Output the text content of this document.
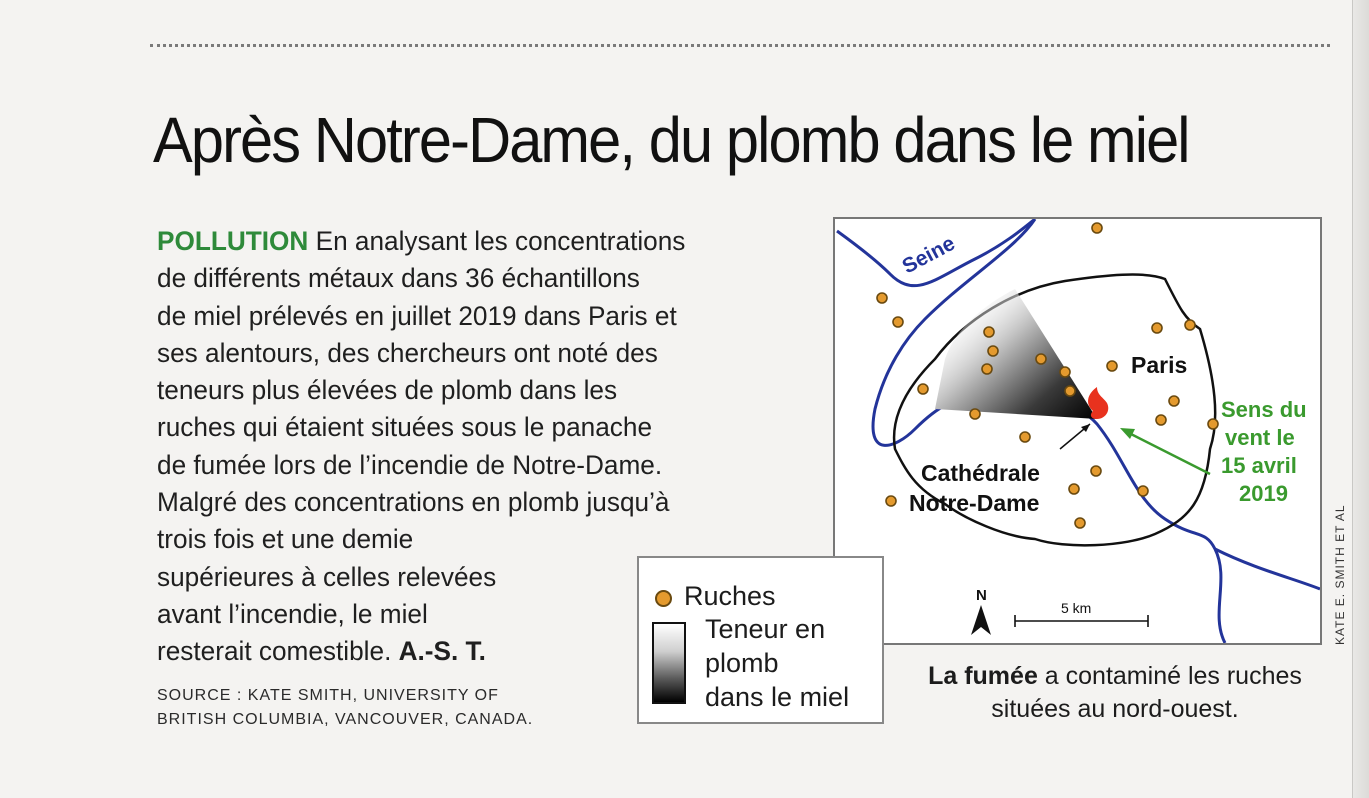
Après Notre-Dame, du plomb dans le miel
POLLUTION En analysant les concentrations
de différents métaux dans 36 échantillons
de miel prélevés en juillet 2019 dans Paris et
ses alentours, des chercheurs ont noté des
teneurs plus élevées de plomb dans les
ruches qui étaient situées sous le panache
de fumée lors de l’incendie de Notre-Dame.
Malgré des concentrations en plomb jusqu’à
trois fois et une demie
supérieures à celles relevées
avant l’incendie, le miel
resterait comestible. A.-S. T.
SOURCE : KATE SMITH, UNIVERSITY OF
BRITISH COLUMBIA, VANCOUVER, CANADA.
Seine
Paris
Cathédrale
Notre-Dame
Sens du
vent le
15 avril
2019
N
5 km
Ruches
Teneur en
plomb
dans le miel
La fumée a contaminé les ruches
situées au nord-ouest.
KATE E. SMITH ET AL
